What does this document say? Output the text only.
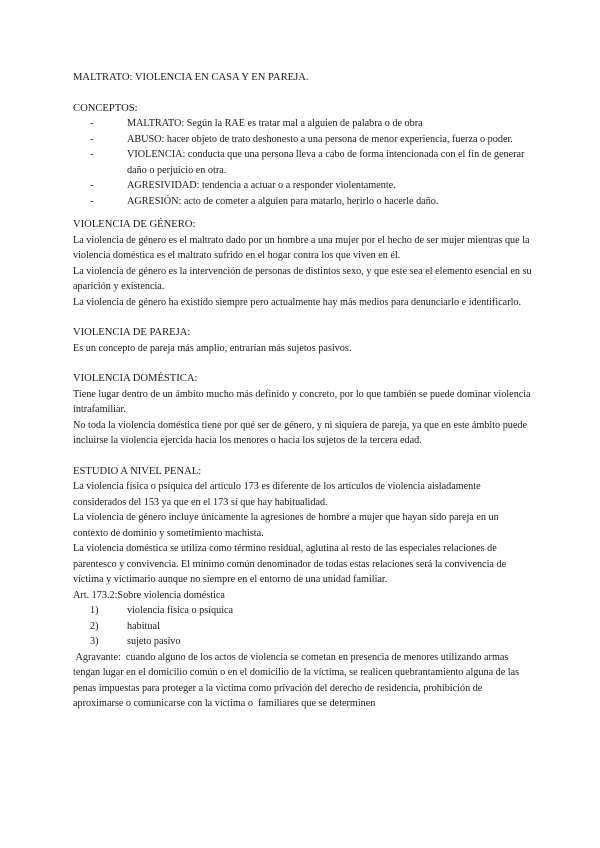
MALTRATO: VIOLENCIA EN CASA Y EN PAREJA.
CONCEPTOS:
- MALTRATO: Según la RAE es tratar mal a alguien de palabra o de obra
- ABUSO: hacer objeto de trato deshonesto a una persona de menor experiencia, fuerza o poder.
- VIOLENCIA: conducta que una persona lleva a cabo de forma intencionada con el fin de generar daño o perjuicio en otra.
- AGRESIVIDAD: tendencia a actuar o a responder violentamente.
- AGRESIÓN: acto de cometer a alguien para matarlo, herirlo o hacerle daño.
VIOLENCIA DE GÉNERO:

La violencia de género es el maltrato dado por un hombre a una mujer por el hecho de ser mujer mientras que la violencia doméstica es el maltrato sufrido en el hogar contra los que viven en él.

La violencia de género es la intervención de personas de distintos sexo, y que este sea el elemento esencial en su aparición y existencia.

La violencia de género ha existido siempre pero actualmente hay más medios para denunciarlo e identificarlo.

VIOLENCIA DE PAREJA:

Es un concepto de pareja más amplio, entrarían más sujetos pasivos.

VIOLENCIA DOMÉSTICA:

Tiene lugar dentro de un ámbito mucho más definido y concreto, por lo que también se puede dominar violencia intrafamiliar.

No toda la violencia doméstica tiene por qué ser de género, y ni siquiera de pareja, ya que en este ámbito puede incluirse la violencia ejercida hacia los menores o hacia los sujetos de la tercera edad.

ESTUDIO A NIVEL PENAL:

La violencia física o psíquica del artículo 173 es diferente de los artículos de violencia aisladamente considerados del 153 ya que en el 173 sí que hay habitualidad.

La violencia de género incluye únicamente la agresiones de hombre a mujer que hayan sido pareja en un contexto de dominio y sometimiento machista.

La violencia doméstica se utiliza como término residual, aglutina al resto de las especiales relaciones de parentesco y convivencia. El mínimo común denominador de todas estas relaciones será la convivencia de víctima y victimario aunque no siempre en el entorno de una unidad familiar.

Art. 173.2:Sobre violencia doméstica

1)	violencia física o psíquica
2)	habitual
3)	sujeto pasivo

Agravante:  cuando alguno de los actos de violencia se cometan en presencia de menores utilizando armas tengan lugar en el domicilio común o en el domicilio de la víctima, se realicen quebrantamiento alguna de las penas impuestas para proteger a la víctima como privación del derecho de residencia, prohibición de aproximarse o comunicarse con la víctima o  familiares que se determinen
